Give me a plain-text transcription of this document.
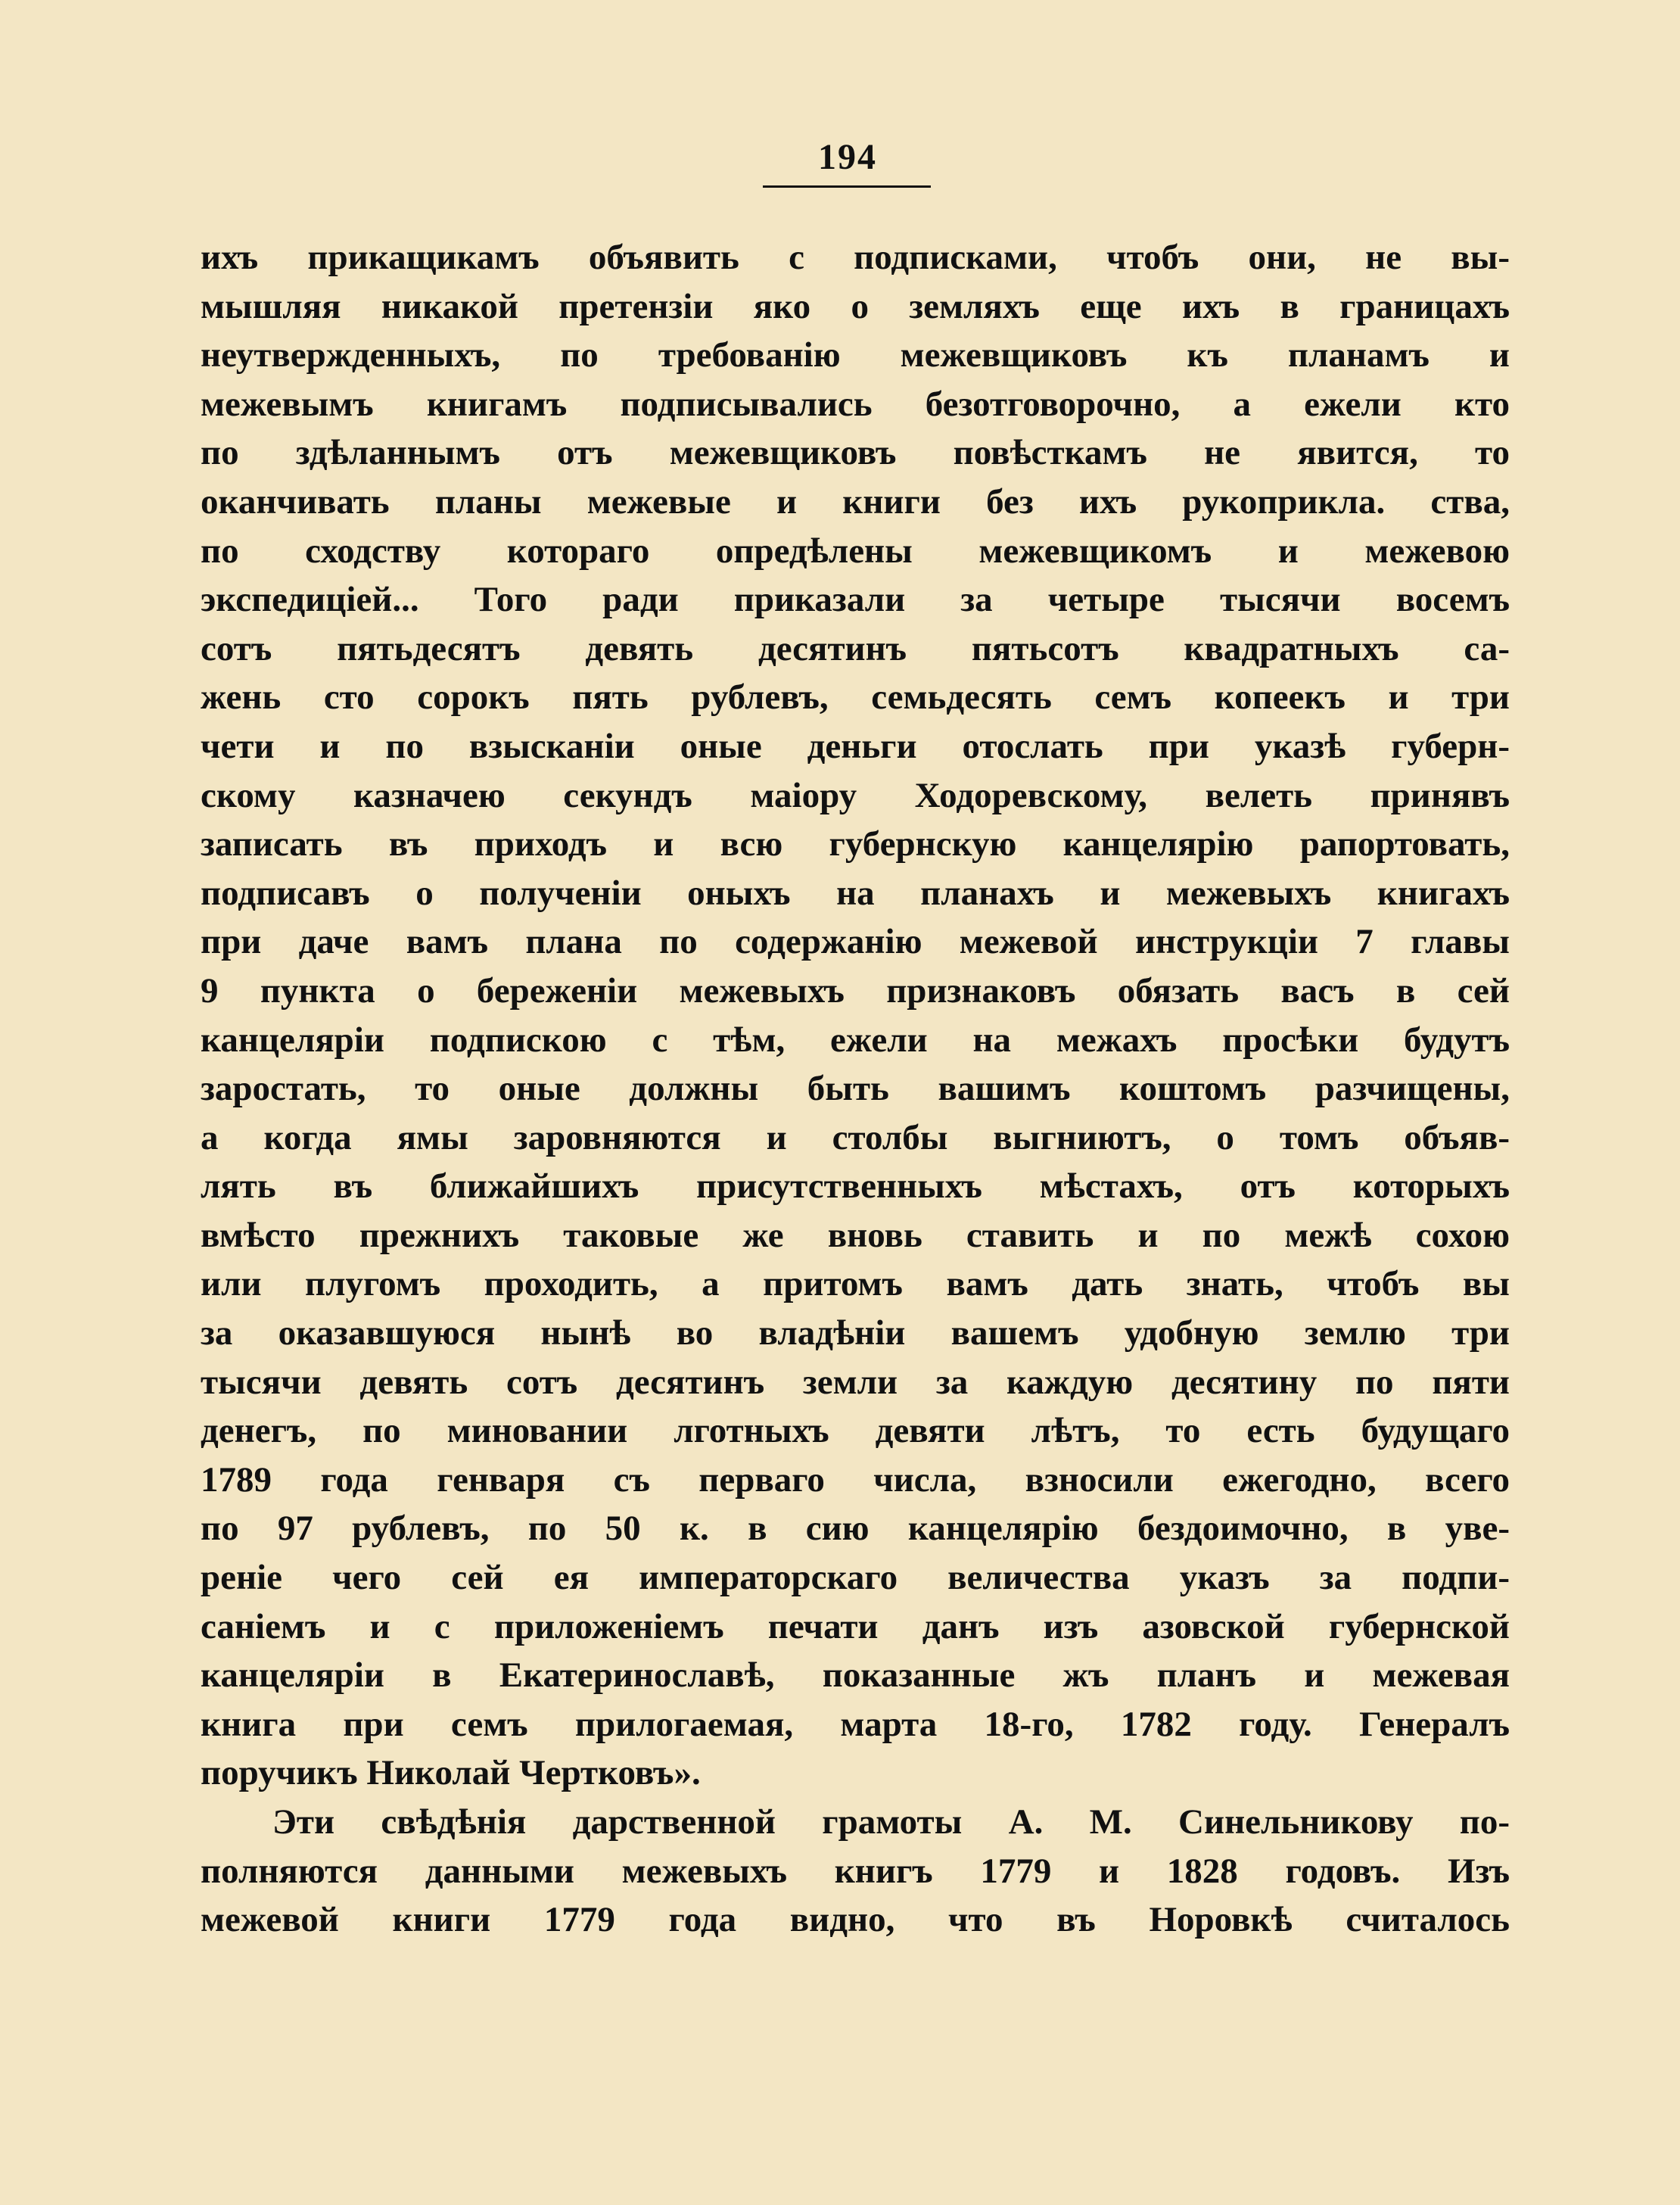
194
ихъ прикащикамъ объявить с подписками, чтобъ они, не вы-
мышляя никакой претензіи яко о земляхъ еще ихъ в границахъ
неутвержденныхъ, по требованію межевщиковъ къ планамъ и
межевымъ книгамъ подписывались безотговорочно, а ежели кто
по здѣланнымъ отъ межевщиковъ повѣсткамъ не явится, то
оканчивать планы межевые и книги без ихъ рукоприкла. ства,
по сходству котораго опредѣлены межевщикомъ и межевою
экспедиціей... Того ради приказали за четыре тысячи восемъ
сотъ пятьдесятъ девять десятинъ пятьсотъ квадратныхъ са-
жень сто сорокъ пять рублевъ, семьдесять семъ копеекъ и три
чети и по взысканіи оные деньги отослать при указѣ губерн-
скому казначею секундъ маіору Ходоревскому, велеть принявъ
записать въ приходъ и всю губернскую канцелярію рапортовать,
подписавъ о полученіи оныхъ на планахъ и межевыхъ книгахъ
при даче вамъ плана по содержанію межевой инструкціи 7 главы
9 пункта о береженіи межевыхъ признаковъ обязать васъ в сей
канцеляріи подпискою с тѣм, ежели на межахъ просѣки будутъ
заростать, то оные должны быть вашимъ коштомъ разчищены,
а когда ямы заровняются и столбы выгниютъ, о томъ объяв-
лять въ ближайшихъ присутственныхъ мѣстахъ, отъ которыхъ
вмѣсто прежнихъ таковые же вновь ставить и по межѣ сохою
или плугомъ проходить, а притомъ вамъ дать знать, чтобъ вы
за оказавшуюся нынѣ во владѣніи вашемъ удобную землю три
тысячи девять сотъ десятинъ земли за каждую десятину по пяти
денегъ, по миновании лготныхъ девяти лѣтъ, то есть будущаго
1789 года генваря съ перваго числа, взносили ежегодно, всего
по 97 рублевъ, по 50 к. в сию канцелярію бездоимочно, в уве-
реніе чего сей ея императорскаго величества указъ за подпи-
саніемъ и с приложеніемъ печати данъ изъ азовской губернской
канцеляріи в Екатеринославѣ, показанные жъ планъ и межевая
книга при семъ прилогаемая, марта 18-го, 1782 году. Генералъ
поручикъ Николай Чертковъ».
Эти свѣдѣнія дарственной грамоты А. М. Синельникову по-
полняются данными межевыхъ книгъ 1779 и 1828 годовъ. Изъ
межевой книги 1779 года видно, что въ Норовкѣ считалось
